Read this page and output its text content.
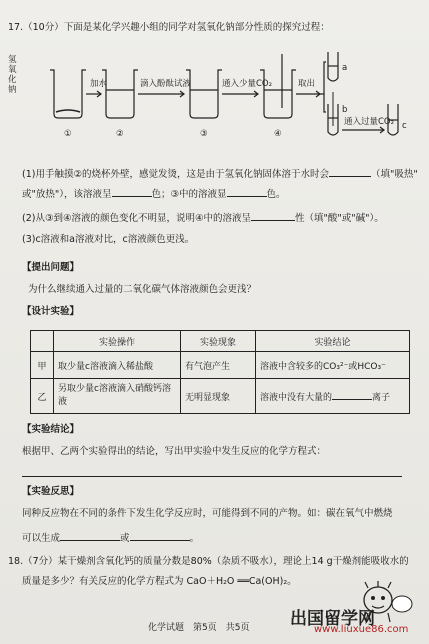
17.（10分）下面是某化学兴趣小组的同学对氢氧化钠部分性质的探究过程：
氢
氧
化
钠
加水	滴入酚酞试液	通入少量CO₂	取出
通入过量CO₂
①	②	③	④
a
b
c
(1)用手触摸②的烧杯外壁，感觉发烫，这是由于氢氧化钠固体溶于水时会	（填"吸热"
或"放热"），该溶液呈	色；③中的溶液显	色。
(2)从③到④溶液的颜色变化不明显，说明④中的溶液呈	性（填"酸"或"碱"）。
(3)c溶液和a溶液对比，c溶液颜色更浅。
【提出问题】
为什么继续通入过量的二氧化碳气体溶液颜色会更浅？
【设计实验】
	实验操作	实验现象	实验结论
甲	取少量c溶液滴入稀盐酸	有气泡产生	溶液中含较多的CO₃²⁻或HCO₃⁻
乙	另取少量c溶液滴入硝酸钙溶液	无明显现象	溶液中没有大量的 离子
【实验结论】
根据甲、乙两个实验得出的结论，写出甲实验中发生反应的化学方程式：
【实验反思】
同种反应物在不同的条件下发生化学反应时，可能得到不同的产物。如：碳在氧气中燃烧
可以生成	或	。
18.（7分）某干燥剂含氧化钙的质量分数是80%（杂质不吸水），理论上14 g干燥剂能吸收水的
质量是多少？有关反应的化学方程式为 CaO＋H₂O ══Ca(OH)₂。
化学试题　第5页　共5页 出国留学网
www.liuxue86.com
